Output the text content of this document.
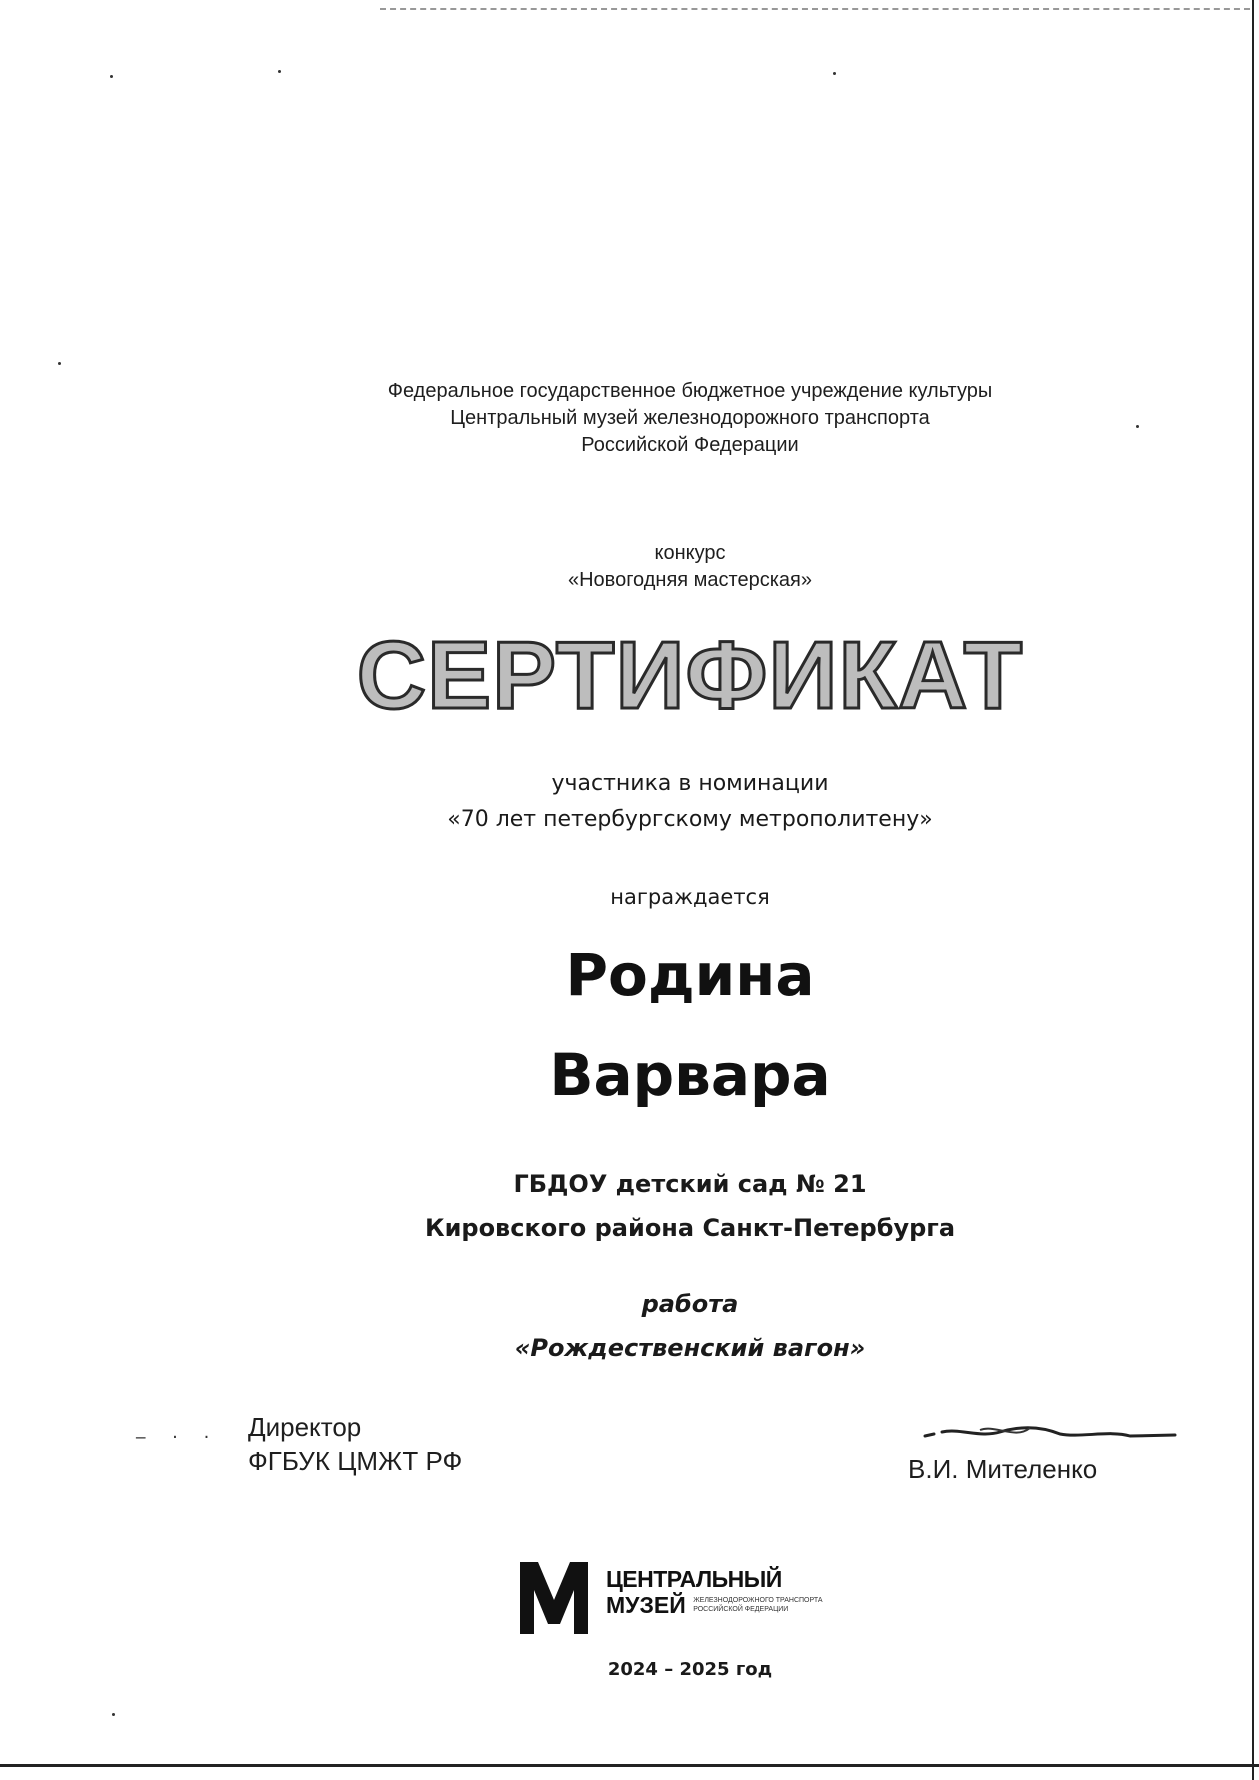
Федеральное государственное бюджетное учреждение культуры
Центральный музей железнодорожного транспорта
Российской Федерации
конкурс
«Новогодняя мастерская»
СЕРТИФИКАТ
участника в номинации
«70 лет петербургскому метрополитену»
награждается
Родина
Варвара
ГБДОУ детский сад № 21
Кировского района Санкт-Петербурга
работа
«Рождественский вагон»
‒ · · Директор
ФГБУК ЦМЖТ РФ	В.И. Мителенко
ЦЕНТРАЛЬНЫЙ
МУЗЕЙ ЖЕЛЕЗНОДОРОЖНОГО ТРАНСПОРТА
РОССИЙСКОЙ ФЕДЕРАЦИИ
2024 – 2025 год
